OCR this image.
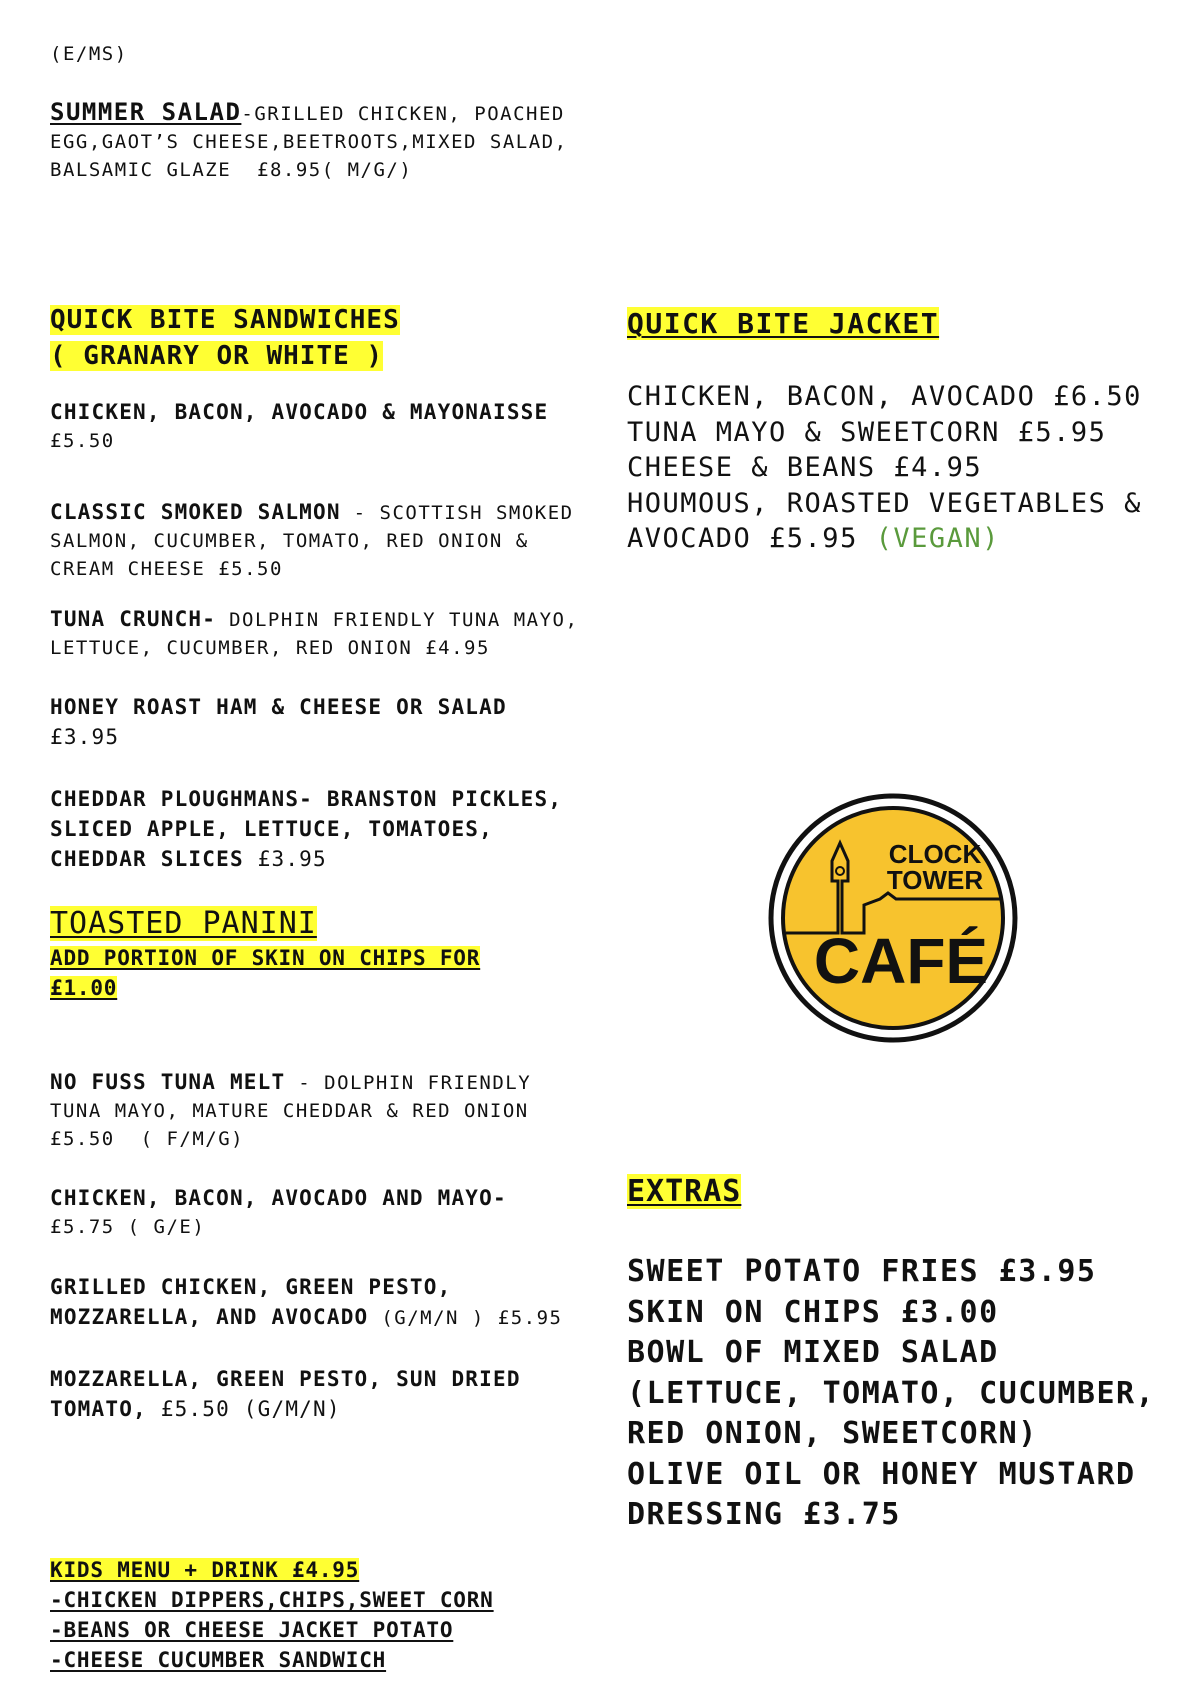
(E/MS)
SUMMER SALAD-GRILLED CHICKEN, POACHED
EGG,GAOT’S CHEESE,BEETROOTS,MIXED SALAD,
BALSAMIC GLAZE  £8.95( M/G/)
QUICK BITE SANDWICHES
( GRANARY OR WHITE )
CHICKEN, BACON, AVOCADO & MAYONAISSE
£5.50
CLASSIC SMOKED SALMON - SCOTTISH SMOKED
SALMON, CUCUMBER, TOMATO, RED ONION &
CREAM CHEESE £5.50
TUNA CRUNCH- DOLPHIN FRIENDLY TUNA MAYO,
LETTUCE, CUCUMBER, RED ONION £4.95
HONEY ROAST HAM & CHEESE OR SALAD
£3.95
CHEDDAR PLOUGHMANS- BRANSTON PICKLES,
SLICED APPLE, LETTUCE, TOMATOES,
CHEDDAR SLICES £3.95
TOASTED PANINI
ADD PORTION OF SKIN ON CHIPS FOR
£1.00
NO FUSS TUNA MELT - DOLPHIN FRIENDLY
TUNA MAYO, MATURE CHEDDAR & RED ONION
£5.50  ( F/M/G)
CHICKEN, BACON, AVOCADO AND MAYO-
£5.75 ( G/E)
GRILLED CHICKEN, GREEN PESTO,
MOZZARELLA, AND AVOCADO (G/M/N ) £5.95
MOZZARELLA, GREEN PESTO, SUN DRIED
TOMATO, £5.50 (G/M/N)
KIDS MENU + DRINK £4.95
-CHICKEN DIPPERS,CHIPS,SWEET CORN
-BEANS OR CHEESE JACKET POTATO
-CHEESE CUCUMBER SANDWICH
QUICK BITE JACKET
CHICKEN, BACON, AVOCADO £6.50
TUNA MAYO & SWEETCORN £5.95
CHEESE & BEANS £4.95
HOUMOUS, ROASTED VEGETABLES &
AVOCADO £5.95 (VEGAN)
CLOCK
TOWER
CAFÉ
EXTRAS
SWEET POTATO FRIES £3.95
SKIN ON CHIPS £3.00
BOWL OF MIXED SALAD
(LETTUCE, TOMATO, CUCUMBER,
RED ONION, SWEETCORN)
OLIVE OIL OR HONEY MUSTARD
DRESSING £3.75
